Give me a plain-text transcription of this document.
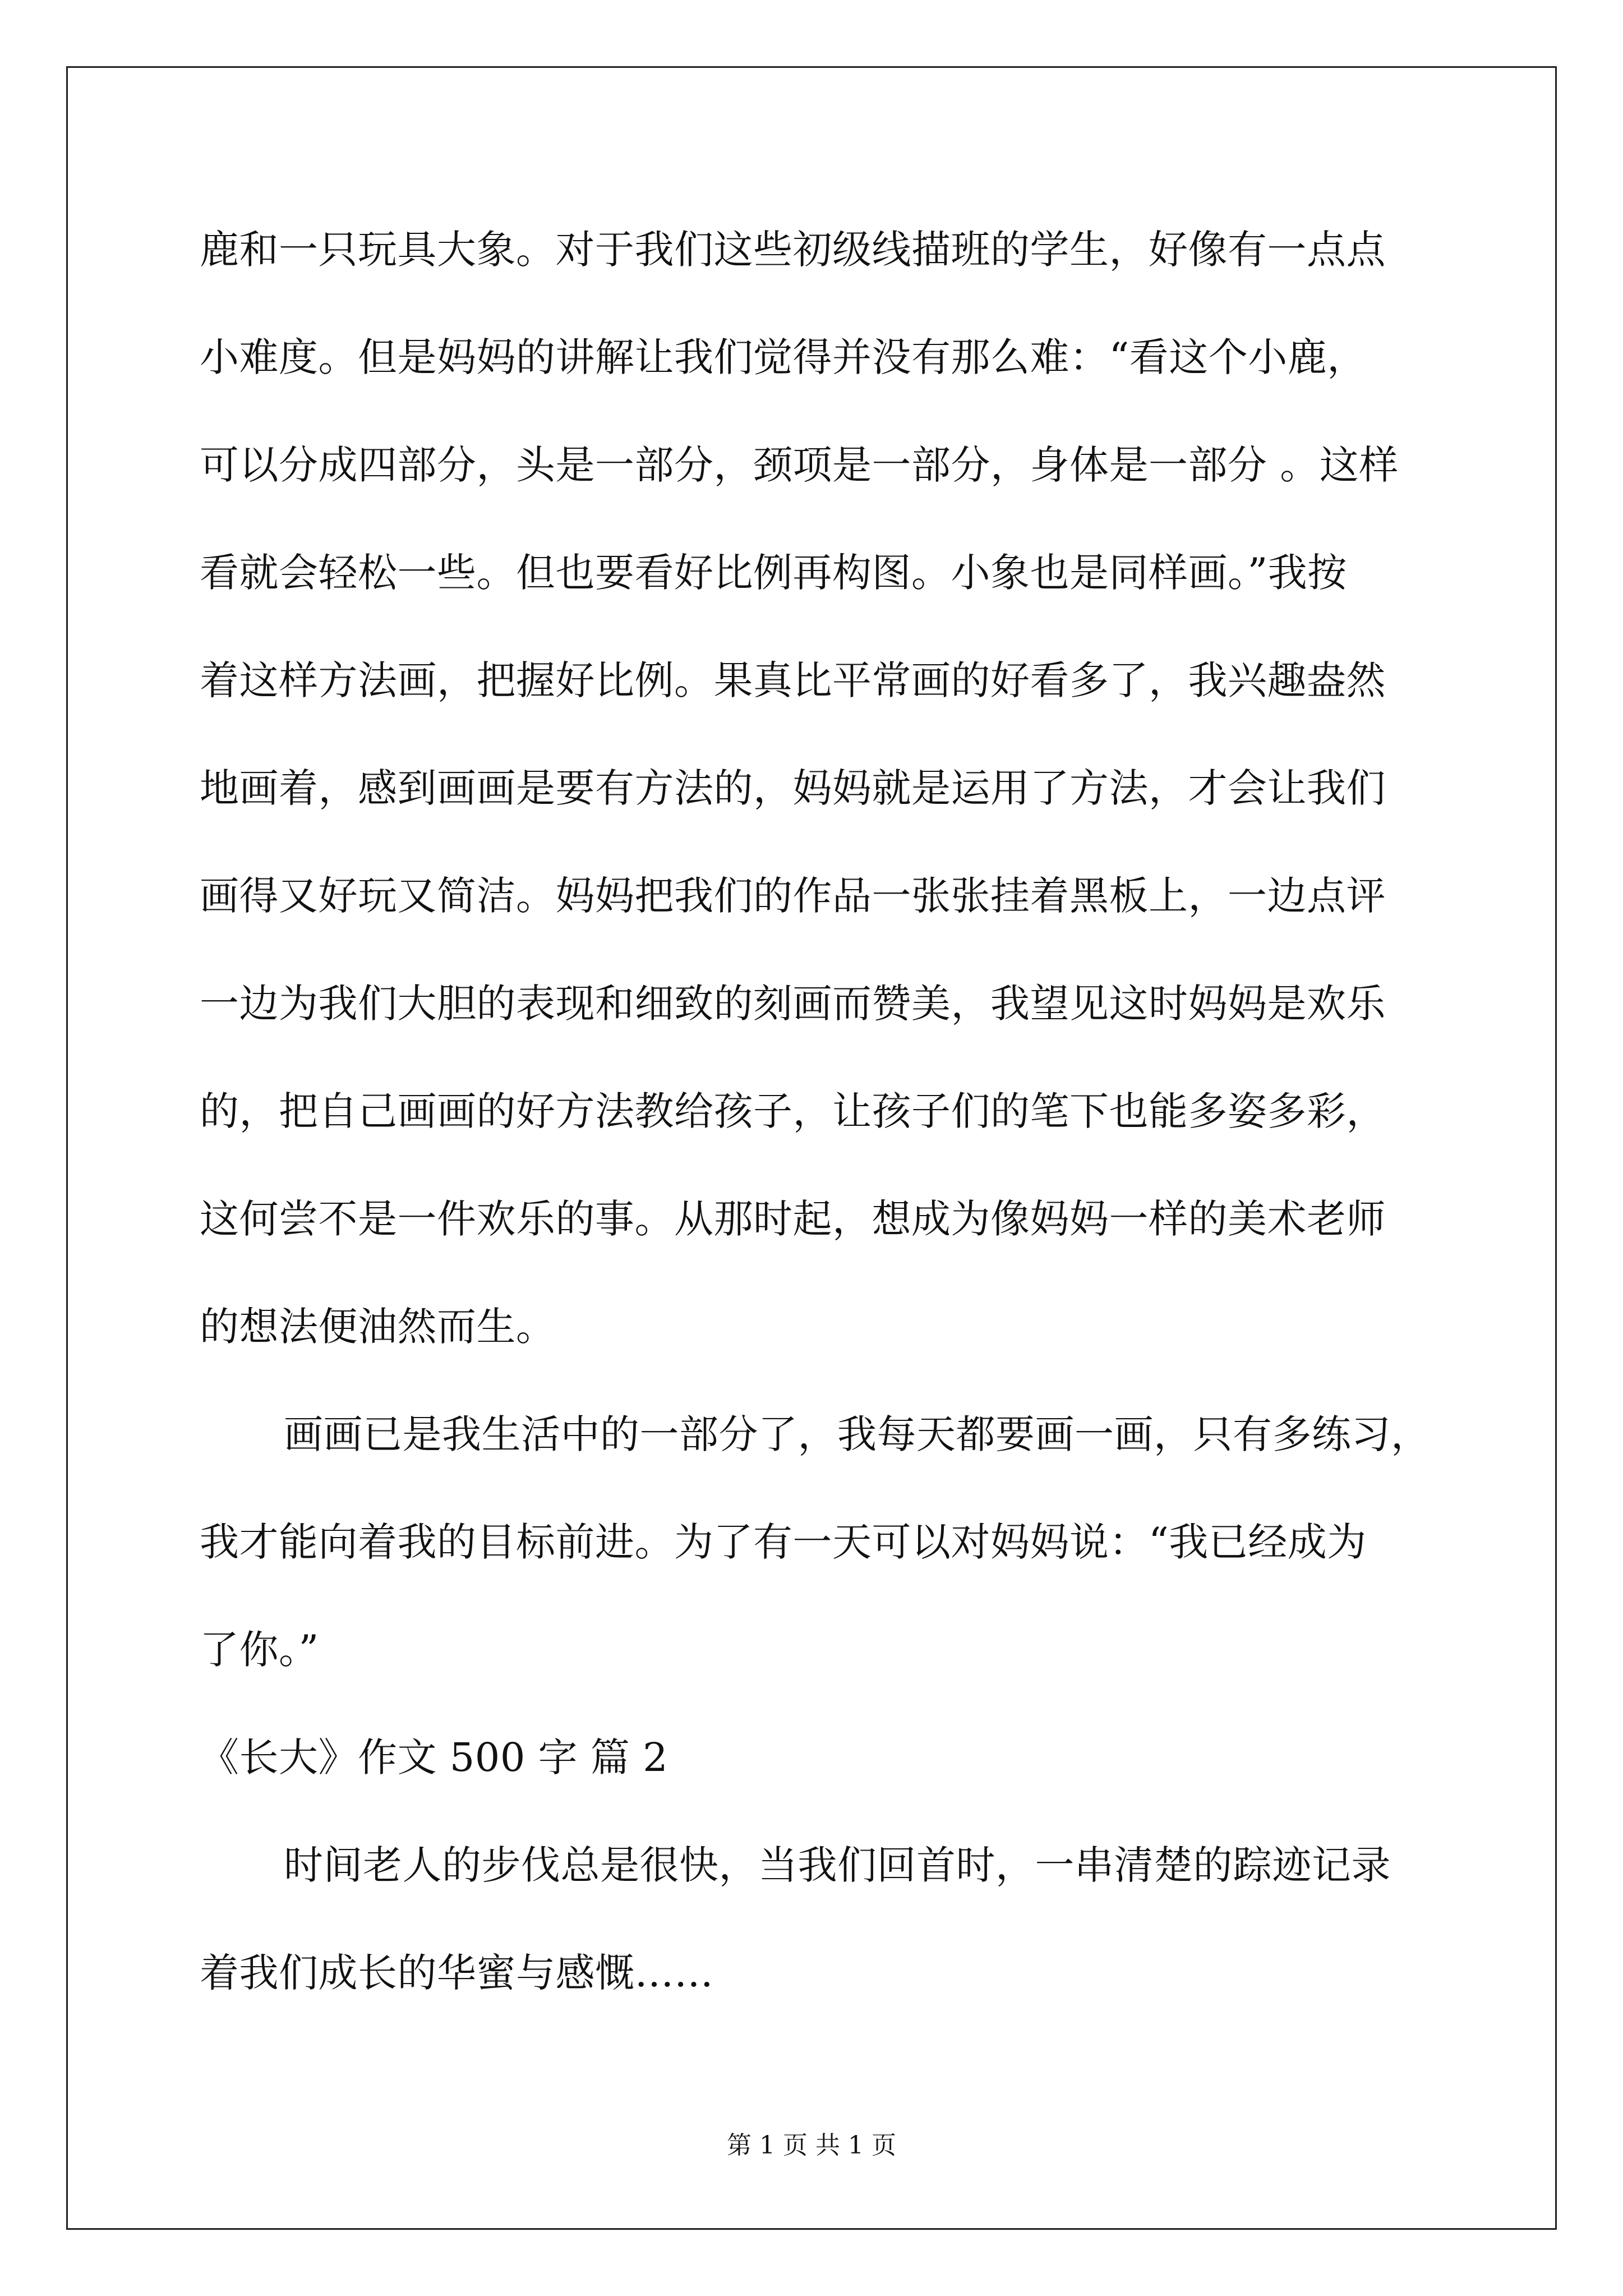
鹿和一只玩具大象。对于我们这些初级线描班的学生，好像有一点点
小难度。但是妈妈的讲解让我们觉得并没有那么难：“看这个小鹿，
可以分成四部分，头是一部分，颈项是一部分，身体是一部分 。这样
看就会轻松一些。但也要看好比例再构图。小象也是同样画。”我按
着这样方法画，把握好比例。果真比平常画的好看多了，我兴趣盎然
地画着，感到画画是要有方法的，妈妈就是运用了方法，才会让我们
画得又好玩又简洁。妈妈把我们的作品一张张挂着黑板上，一边点评
一边为我们大胆的表现和细致的刻画而赞美，我望见这时妈妈是欢乐
的，把自己画画的好方法教给孩子，让孩子们的笔下也能多姿多彩，
这何尝不是一件欢乐的事。从那时起，想成为像妈妈一样的美术老师
的想法便油然而生。
画画已是我生活中的一部分了，我每天都要画一画，只有多练习，
我才能向着我的目标前进。为了有一天可以对妈妈说：“我已经成为
了你。”
《长大》作文 500 字 篇 2
时间老人的步伐总是很快，当我们回首时，一串清楚的踪迹记录
着我们成长的华蜜与感慨……
第 1 页 共 1 页
